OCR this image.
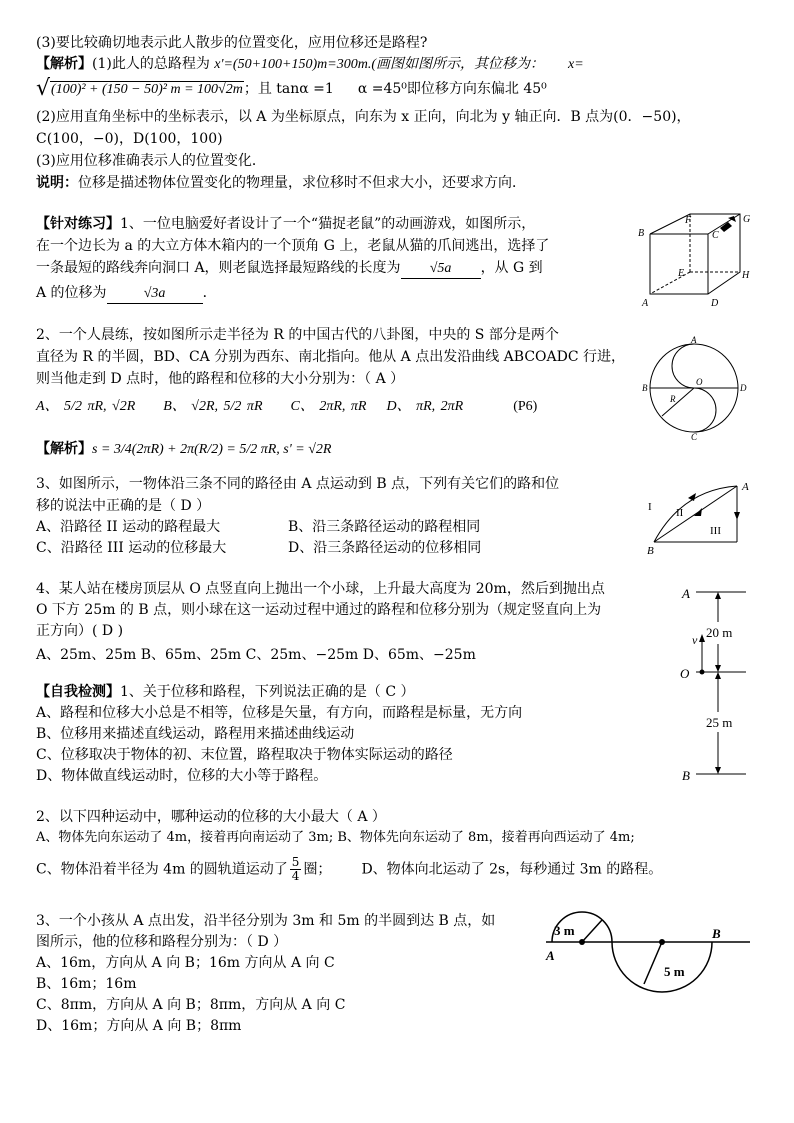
(3)要比较确切地表示此人散步的位置变化，应用位移还是路程?
【解析】(1)此人的总路程为 x'=(50+100+150)m=300m.(画图如图所示，其位移为： x=
√(100)² + (150 − 50)² m = 100√2m；且 tanα =1 α =45⁰即位移方向东偏北 45⁰
(2)应用直角坐标中的坐标表示，以 A 为坐标原点，向东为 x 正向，向北为 y 轴正向．B 点为(0．−50)，
C(100，−0)，D(100，100)
(3)应用位移准确表示人的位置变化．
说明：位移是描述物体位置变化的物理量，求位移时不但求大小，还要求方向．
【针对练习】1、一位电脑爱好者设计了一个“猫捉老鼠”的动画游戏，如图所示，
在一个边长为 a 的大立方体木箱内的一个顶角 G 上，老鼠从猫的爪间逃出，选择了
一条最短的路线奔向洞口 A，则老鼠选择最短路线的长度为 √5a ，从 G 到
A 的位移为	√3a	．
F	G
B	C
E	H
A	D
2、一个人晨练，按如图所示走半径为 R 的中国古代的八卦图，中央的 S 部分是两个
直径为 R 的半圆，BD、CA 分别为西东、南北指向。他从 A 点出发沿曲线 ABCOADC 行进，
则当他走到 D 点时，他的路程和位移的大小分别为：（ A ）
A、 5/2 πR, √2R B、 √2R, 5/2 πR C、 2πR, πR D、 πR, 2πR	(P6)
【解析】s = 3/4(2πR) + 2π(R/2) = 5/2 πR, s' = √2R
A
B	D
C
O
R
3、如图所示，一物体沿三条不同的路径由 A 点运动到 B 点，下列有关它们的路和位
移的说法中正确的是（ D ）
A、沿路径 II 运动的路程最大	B、沿三条路径运动的路程相同
C、沿路径 III 运动的位移最大	D、沿三条路径运动的位移相同
A
B
I II
III
4、某人站在楼房顶层从 O 点竖直向上抛出一个小球，上升最大高度为 20m，然后到抛出点
O 下方 25m 的 B 点，则小球在这一运动过程中通过的路程和位移分别为（规定竖直向上为
正方向）( D )
A、25m、25m B、65m、25m C、25m、−25m D、65m、−25m
A
v 20 m
O
25 m
B
【自我检测】1、关于位移和路程，下列说法正确的是（ C ）
A、路程和位移大小总是不相等，位移是矢量，有方向，而路程是标量，无方向
B、位移用来描述直线运动，路程用来描述曲线运动
C、位移取决于物体的初、末位置，路程取决于物体实际运动的路径
D、物体做直线运动时，位移的大小等于路程。
2、以下四种运动中，哪种运动的位移的大小最大（ A ）
A、物体先向东运动了 4m，接着再向南运动了 3m; B、物体先向东运动了 8m，接着再向西运动了 4m;
C、物体沿着半径为 4m 的圆轨道运动了 $\frac{5}{4}$ 圈； D、物体向北运动了 2s，每秒通过 3m 的路程。
3、一个小孩从 A 点出发，沿半径分别为 3m 和 5m 的半圆到达 B 点，如
图所示，他的位移和路程分别为：（ D ）
A、16m，方向从 A 向 B；16m 方向从 A 向 C
B、16m；16m
C、8πm，方向从 A 向 B；8πm，方向从 A 向 C
D、16m；方向从 A 向 B；8πm
3 m
A
B
5 m
